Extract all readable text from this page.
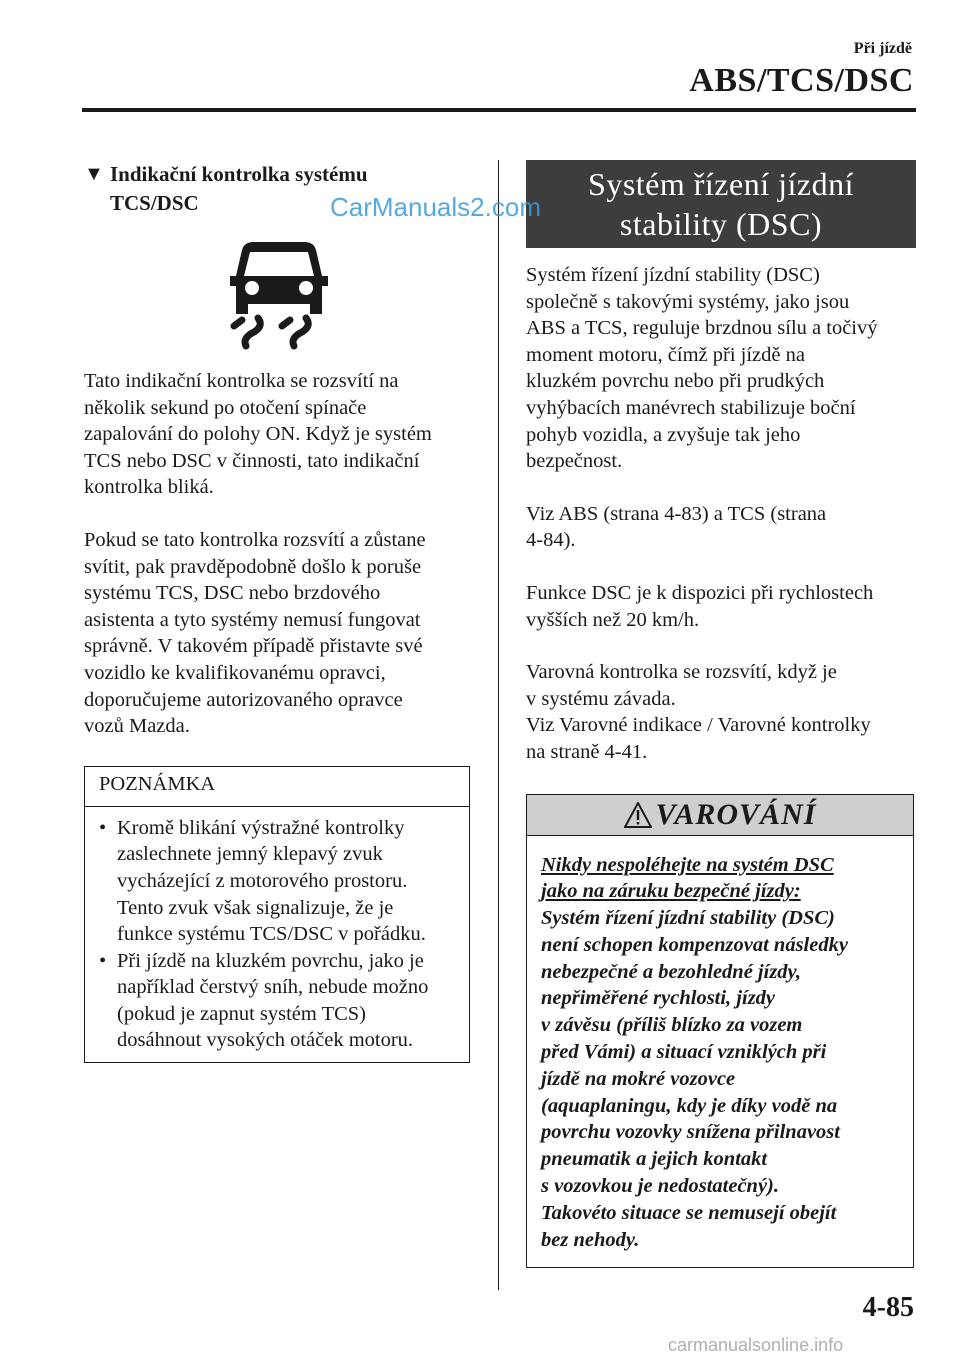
Při jízdě
ABS/TCS/DSC
▼ Indikační kontrolka systému
TCS/DSC

Tato indikační kontrolka se rozsvítí na
několik sekund po otočení spínače
zapalování do polohy ON. Když je systém
TCS nebo DSC v činnosti, tato indikační
kontrolka bliká.

Pokud se tato kontrolka rozsvítí a zůstane
svítit, pak pravděpodobně došlo k poruše
systému TCS, DSC nebo brzdového
asistenta a tyto systémy nemusí fungovat
správně. V takovém případě přistavte své
vozidlo ke kvalifikovanému opravci,
doporučujeme autorizovaného opravce
vozů Mazda.

POZNÁMKA
• Kromě blikání výstražné kontrolky
zaslechnete jemný klepavý zvuk
vycházející z motorového prostoru.
Tento zvuk však signalizuje, že je
funkce systému TCS/DSC v pořádku.
• Při jízdě na kluzkém povrchu, jako je
například čerstvý sníh, nebude možno
(pokud je zapnut systém TCS)
dosáhnout vysokých otáček motoru.
Systém řízení jízdní
stability (DSC)

Systém řízení jízdní stability (DSC)
společně s takovými systémy, jako jsou
ABS a TCS, reguluje brzdnou sílu a točivý
moment motoru, čímž při jízdě na
kluzkém povrchu nebo při prudkých
vyhýbacích manévrech stabilizuje boční
pohyb vozidla, a zvyšuje tak jeho
bezpečnost.

Viz ABS (strana 4-83) a TCS (strana
4-84).

Funkce DSC je k dispozici při rychlostech
vyšších než 20 km/h.

Varovná kontrolka se rozsvítí, když je
v systému závada.
Viz Varovné indikace / Varovné kontrolky
na straně 4-41.

VAROVÁNÍ

Nikdy nespoléhejte na systém DSC
jako na záruku bezpečné jízdy:

Systém řízení jízdní stability (DSC)
není schopen kompenzovat následky
nebezpečné a bezohledné jízdy,
nepřiměřené rychlosti, jízdy
v závěsu (příliš blízko za vozem
před Vámi) a situací vzniklých při
jízdě na mokré vozovce
(aquaplaningu, kdy je díky vodě na
povrchu vozovky snížena přilnavost
pneumatik a jejich kontakt
s vozovkou je nedostatečný).
Takovéto situace se nemusejí obejít
bez nehody.

4-85
CarManuals2.com
carmanualsonline.info
